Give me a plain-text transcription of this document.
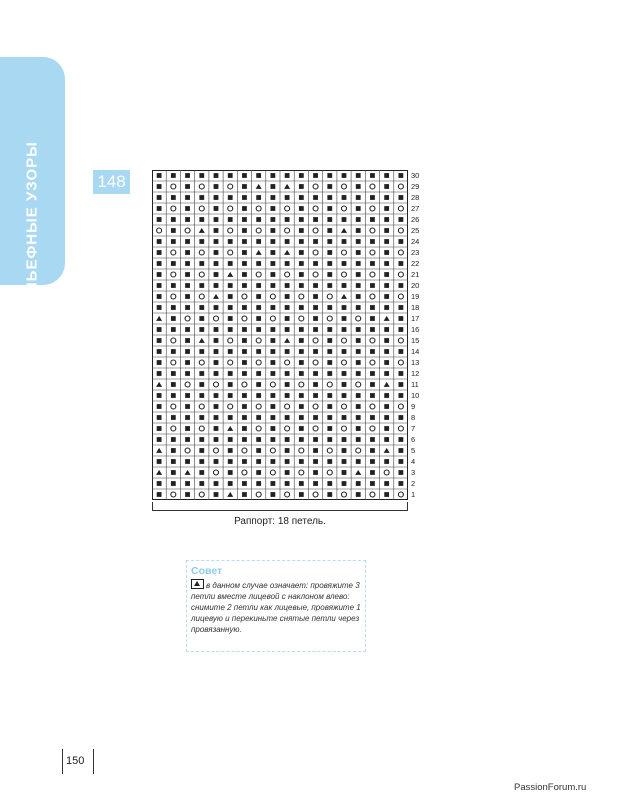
РЕЛЬЕФНЫЕ УЗОРЫ	148	30
29
28
27
26
25
24
23
22
21
20
19
18
17
16
15
14
13
12
11
10
9
8
7
6
5
4
3
2
1
Раппорт: 18 петель.
Совет
в данном случае означает: провяжите 3 петли вместе лицевой с наклоном влево: снимите 2 петли как лицевые, провяжите 1 лицевую и перекиньте снятые петли через провязанную.
150
PassionForum.ru
